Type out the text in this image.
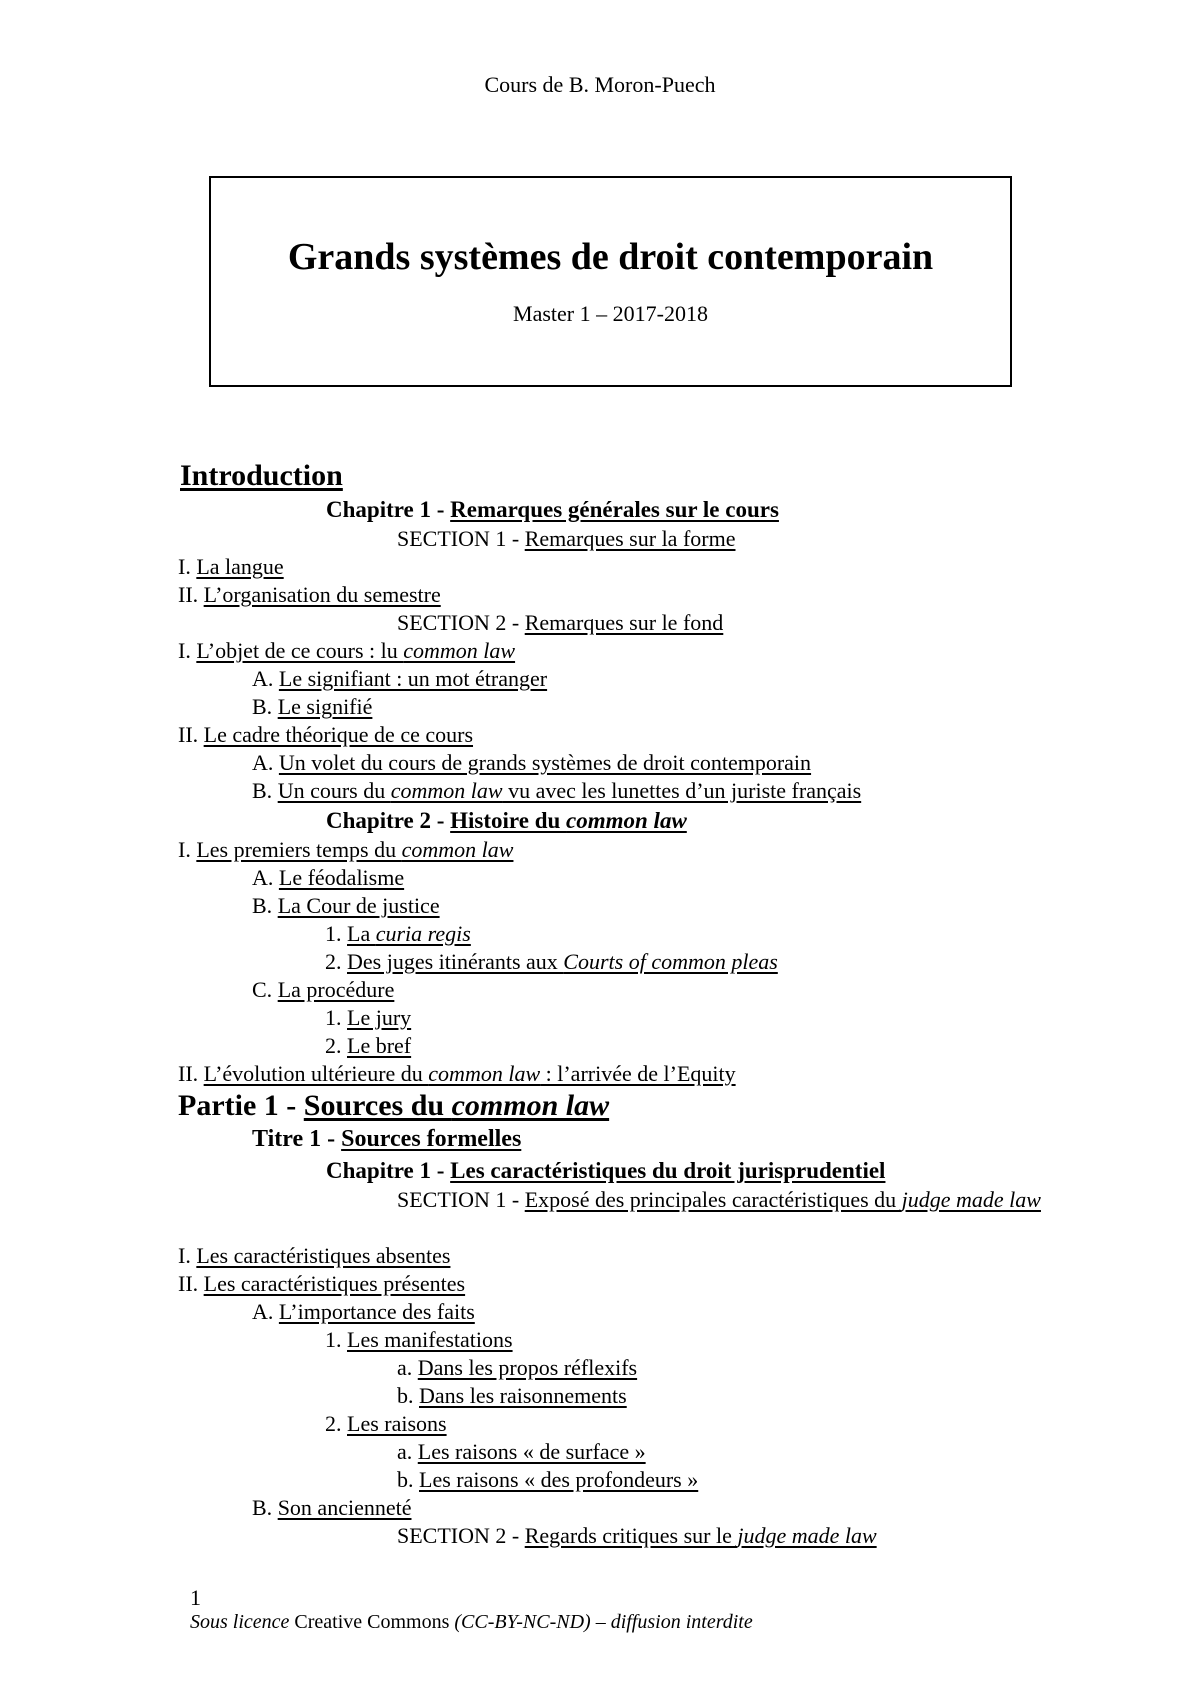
Cours de B. Moron-Puech
Grands systèmes de droit contemporain
Master 1 – 2017-2018
Introduction
Chapitre 1 - Remarques générales sur le cours
SECTION 1 - Remarques sur la forme
I. La langue
II. L’organisation du semestre
SECTION 2 - Remarques sur le fond
I. L’objet de ce cours : lu common law
A. Le signifiant : un mot étranger
B. Le signifié
II. Le cadre théorique de ce cours
A. Un volet du cours de grands systèmes de droit contemporain
B. Un cours du common law vu avec les lunettes d’un juriste français
Chapitre 2 - Histoire du common law
I. Les premiers temps du common law
A. Le féodalisme
B. La Cour de justice
1. La curia regis
2. Des juges itinérants aux Courts of common pleas
C. La procédure
1. Le jury
2. Le bref
II. L’évolution ultérieure du common law : l’arrivée de l’Equity
Partie 1 - Sources du common law
Titre 1 - Sources formelles
Chapitre 1 - Les caractéristiques du droit jurisprudentiel
SECTION 1 - Exposé des principales caractéristiques du judge made law
I. Les caractéristiques absentes
II. Les caractéristiques présentes
A. L’importance des faits
1. Les manifestations
a. Dans les propos réflexifs
b. Dans les raisonnements
2. Les raisons
a. Les raisons « de surface »
b. Les raisons « des profondeurs »
B. Son ancienneté
SECTION 2 - Regards critiques sur le judge made law
1
Sous licence Creative Commons (CC-BY-NC-ND) – diffusion interdite
